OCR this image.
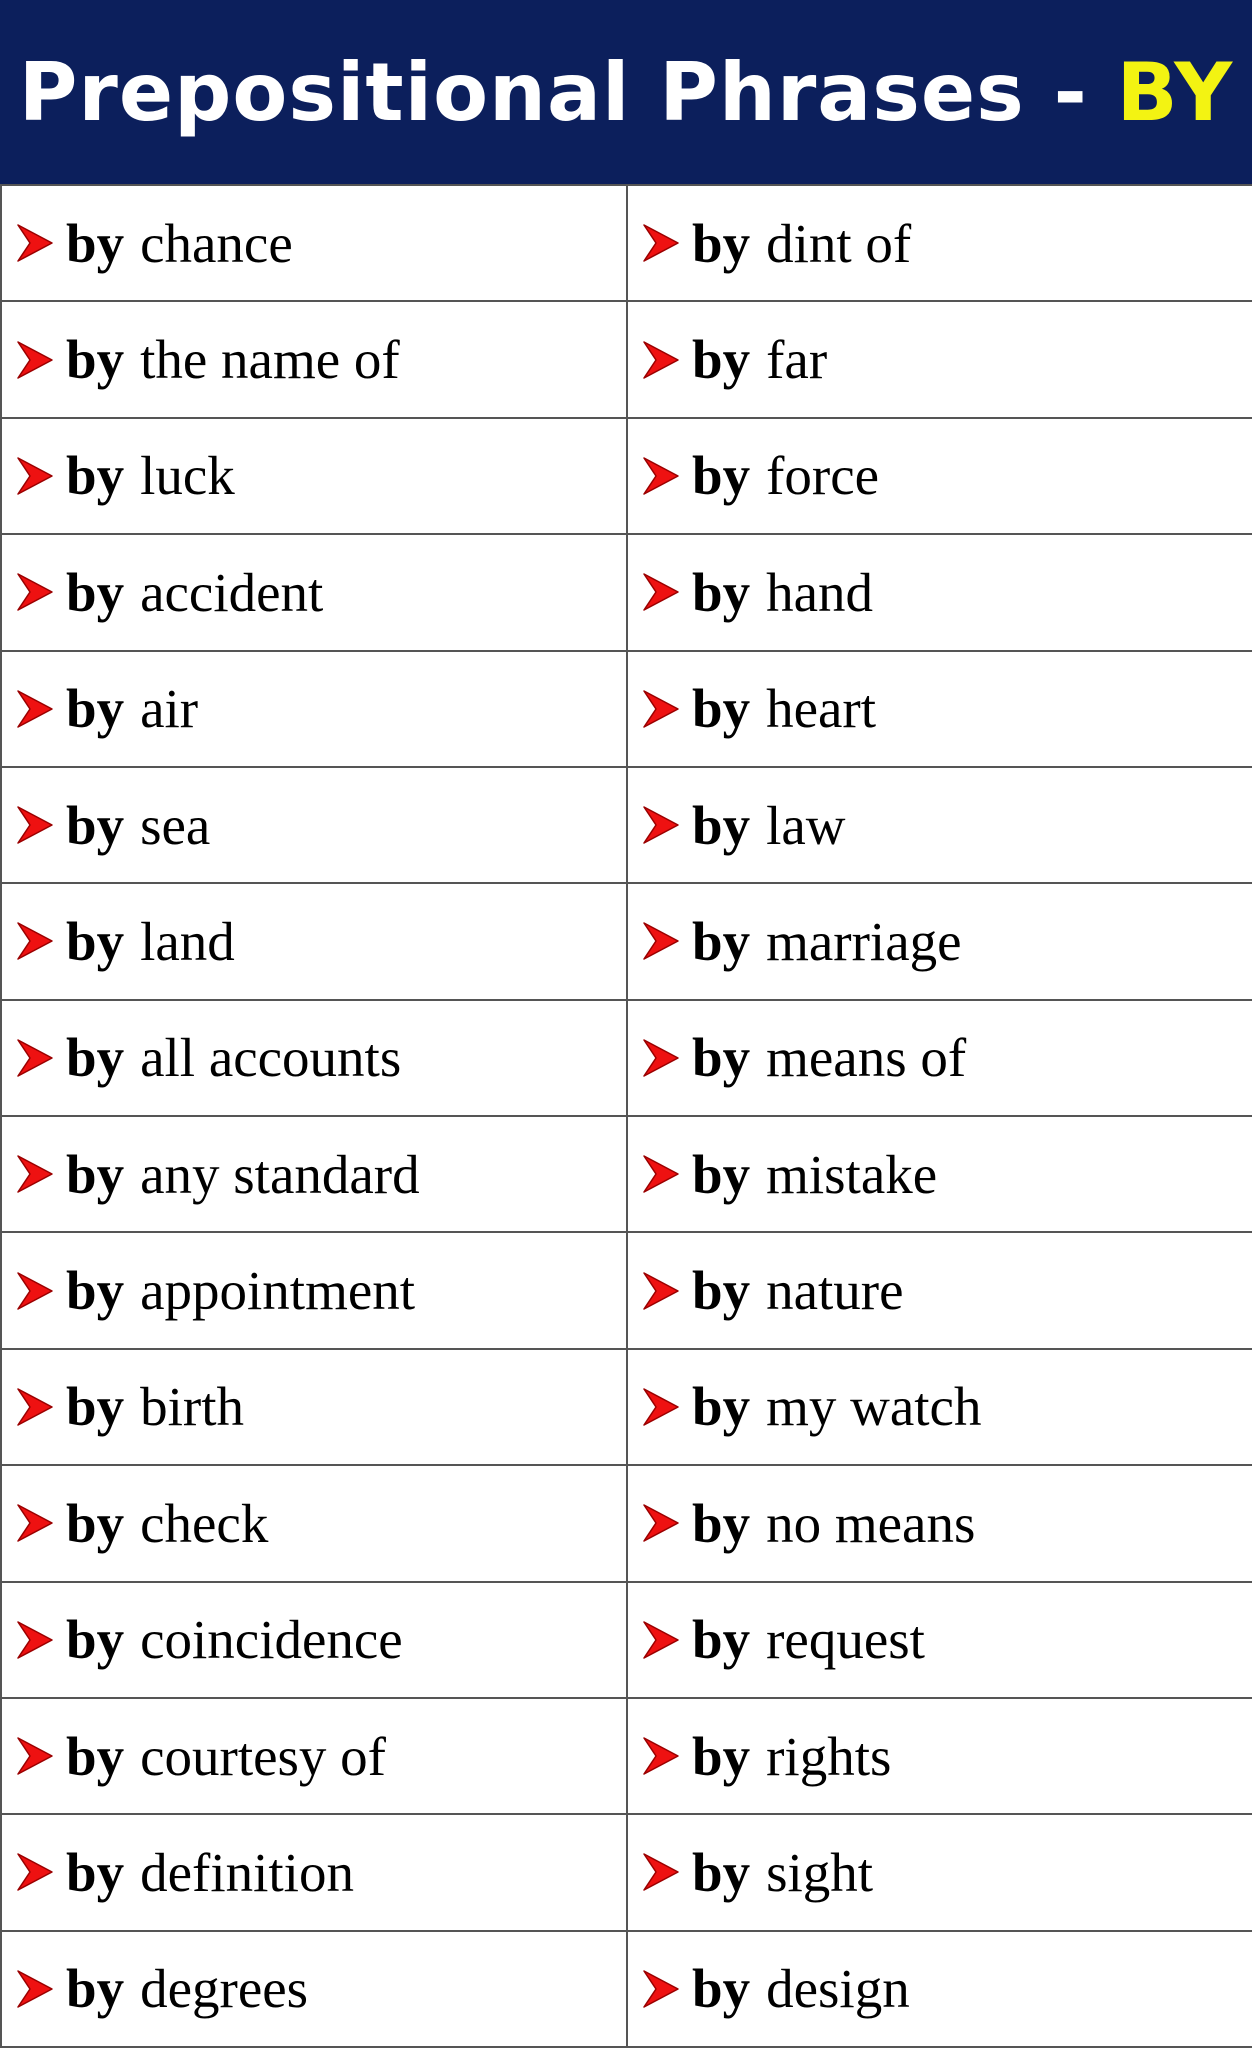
Prepositional Phrases - BY
by chance	by dint of
by the name of	by far
by luck	by force
by accident	by hand
by air	by heart
by sea	by law
by land	by marriage
by all accounts	by means of
by any standard	by mistake
by appointment	by nature
by birth	by my watch
by check	by no means
by coincidence	by request
by courtesy of	by rights
by definition	by sight
by degrees	by design
